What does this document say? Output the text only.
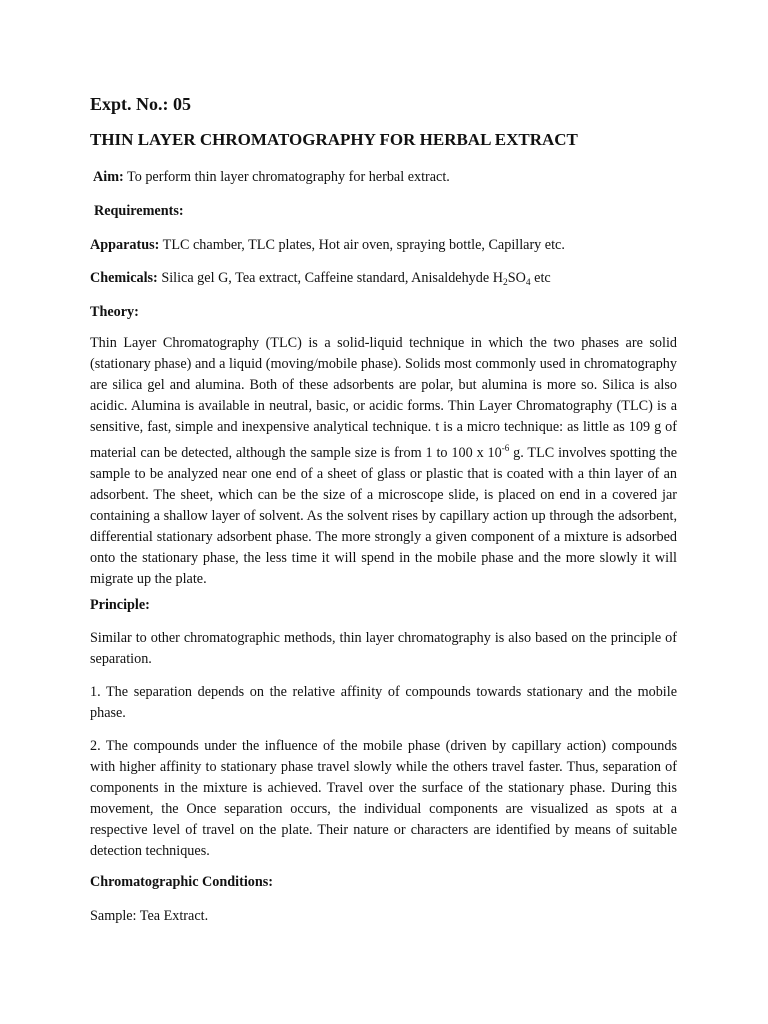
Expt. No.: 05
THIN LAYER CHROMATOGRAPHY FOR HERBAL EXTRACT

Aim: To perform thin layer chromatography for herbal extract.

Requirements:

Apparatus: TLC chamber, TLC plates, Hot air oven, spraying bottle, Capillary etc.

Chemicals: Silica gel G, Tea extract, Caffeine standard, Anisaldehyde $H_2SO_4$ etc

Theory:

Thin Layer Chromatography (TLC) is a solid-liquid technique in which the two phases are solid (stationary phase) and a liquid (moving/mobile phase). Solids most commonly used in chromatography are silica gel and alumina. Both of these adsorbents are polar, but alumina is more so. Silica is also acidic. Alumina is available in neutral, basic, or acidic forms. Thin Layer Chromatography (TLC) is a sensitive, fast, simple and inexpensive analytical technique. t is a micro technique: as little as 109 g of material can be detected, although the sample size is from 1 to 100 x $10^{-6}$ g. TLC involves spotting the sample to be analyzed near one end of a sheet of glass or plastic that is coated with a thin layer of an adsorbent. The sheet, which can be the size of a microscope slide, is placed on end in a covered jar containing a shallow layer of solvent. As the solvent rises by capillary action up through the adsorbent, differential stationary adsorbent phase. The more strongly a given component of a mixture is adsorbed onto the stationary phase, the less time it will spend in the mobile phase and the more slowly it will migrate up the plate.

Principle:

Similar to other chromatographic methods, thin layer chromatography is also based on the principle of separation.

1. The separation depends on the relative affinity of compounds towards stationary and the mobile phase.

2. The compounds under the influence of the mobile phase (driven by capillary action) compounds with higher affinity to stationary phase travel slowly while the others travel faster. Thus, separation of components in the mixture is achieved. Travel over the surface of the stationary phase. During this movement, the Once separation occurs, the individual components are visualized as spots at a respective level of travel on the plate. Their nature or characters are identified by means of suitable detection techniques.

Chromatographic Conditions:

Sample: Tea Extract.
